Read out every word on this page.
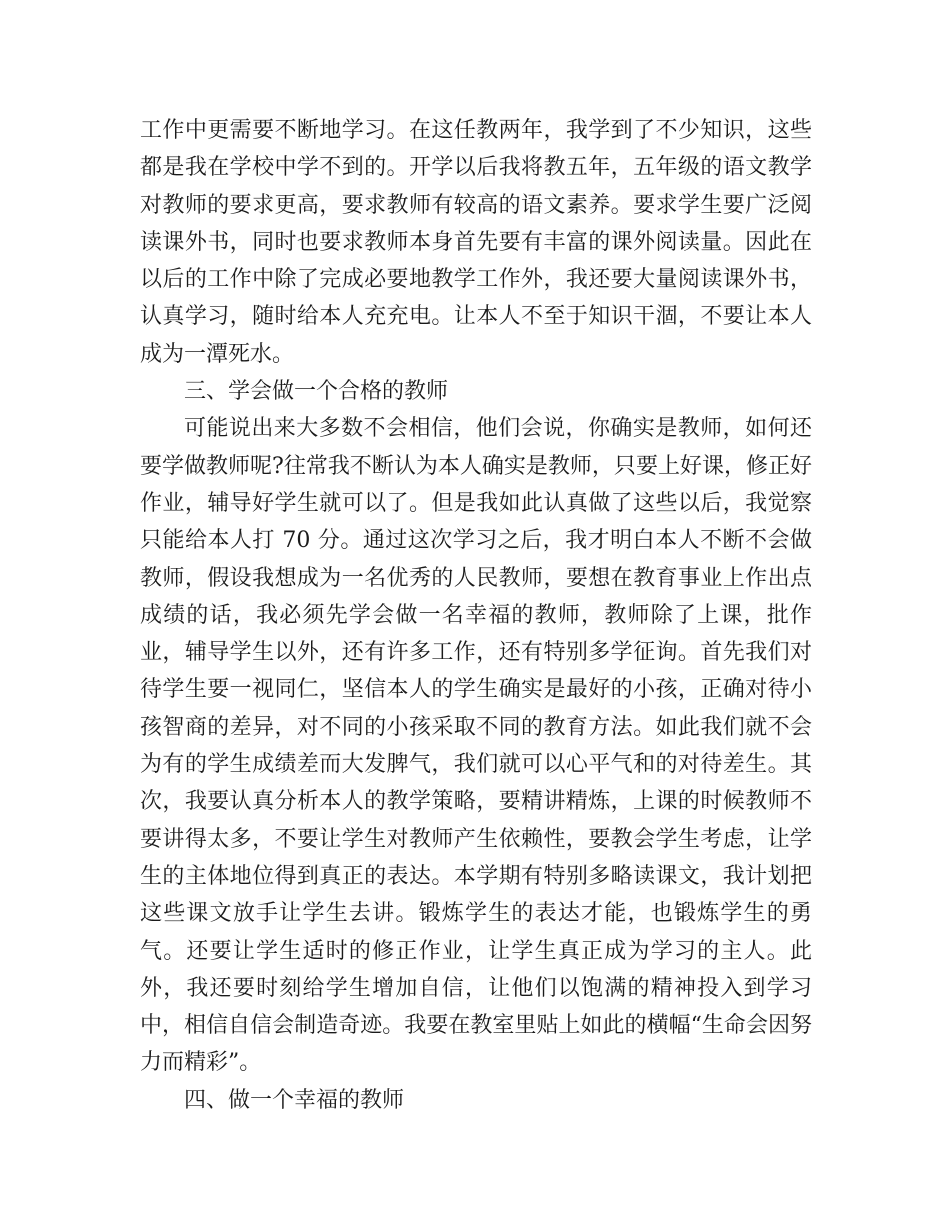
工作中更需要不断地学习。在这任教两年，我学到了不少知识，这些都是我在学校中学不到的。开学以后我将教五年，五年级的语文教学对教师的要求更高，要求教师有较高的语文素养。要求学生要广泛阅读课外书，同时也要求教师本身首先要有丰富的课外阅读量。因此在以后的工作中除了完成必要地教学工作外，我还要大量阅读课外书，认真学习，随时给本人充充电。让本人不至于知识干涸，不要让本人成为一潭死水。

三、学会做一个合格的教师

可能说出来大多数不会相信，他们会说，你确实是教师，如何还要学做教师呢?往常我不断认为本人确实是教师，只要上好课，修正好作业，辅导好学生就可以了。但是我如此认真做了这些以后，我觉察只能给本人打 70 分。通过这次学习之后，我才明白本人不断不会做教师，假设我想成为一名优秀的人民教师，要想在教育事业上作出点成绩的话，我必须先学会做一名幸福的教师，教师除了上课，批作业，辅导学生以外，还有许多工作，还有特别多学征询。首先我们对待学生要一视同仁，坚信本人的学生确实是最好的小孩，正确对待小孩智商的差异，对不同的小孩采取不同的教育方法。如此我们就不会为有的学生成绩差而大发脾气，我们就可以心平气和的对待差生。其次，我要认真分析本人的教学策略，要精讲精炼，上课的时候教师不要讲得太多，不要让学生对教师产生依赖性，要教会学生考虑，让学生的主体地位得到真正的表达。本学期有特别多略读课文，我计划把这些课文放手让学生去讲。锻炼学生的表达才能，也锻炼学生的勇气。还要让学生适时的修正作业，让学生真正成为学习的主人。此外，我还要时刻给学生增加自信，让他们以饱满的精神投入到学习中，相信自信会制造奇迹。我要在教室里贴上如此的横幅“生命会因努力而精彩”。

四、做一个幸福的教师
